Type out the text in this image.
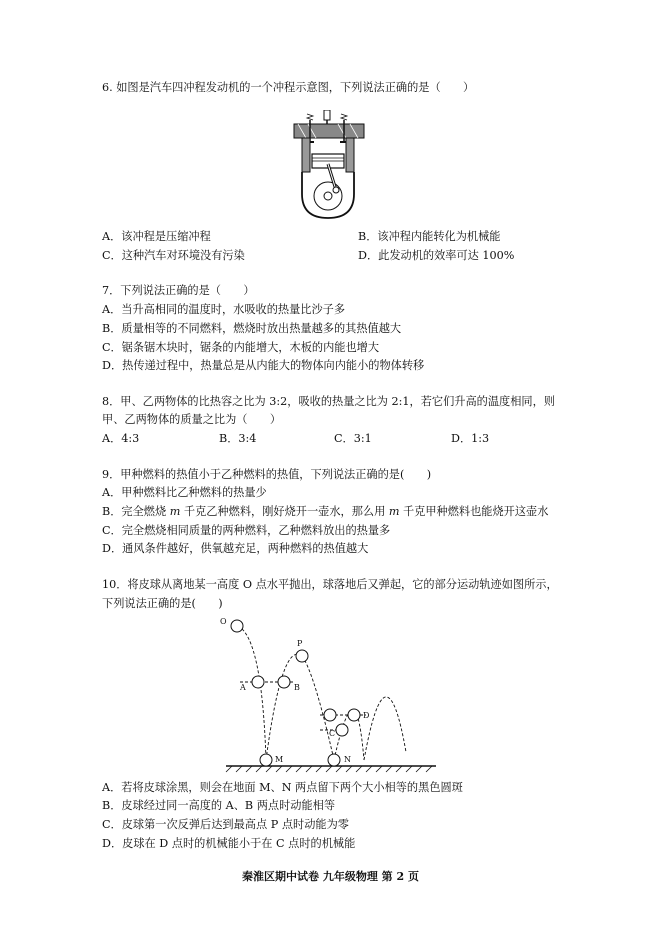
6. 如图是汽车四冲程发动机的一个冲程示意图，下列说法正确的是（　　）
A．该冲程是压缩冲程	B．该冲程内能转化为机械能
C．这种汽车对环境没有污染	D．此发动机的效率可达 100%
7．下列说法正确的是（　　）
A．当升高相同的温度时，水吸收的热量比沙子多
B．质量相等的不同燃料，燃烧时放出热量越多的其热值越大
C．锯条锯木块时，锯条的内能增大，木板的内能也增大
D．热传递过程中，热量总是从内能大的物体向内能小的物体转移
8．甲、乙两物体的比热容之比为 3:2，吸收的热量之比为 2:1，若它们升高的温度相同，则
甲、乙两物体的质量之比为（　　）
A．4:3	B．3:4	C．3:1	D．1:3
9．甲种燃料的热值小于乙种燃料的热值，下列说法正确的是(　　)
A．甲种燃料比乙种燃料的热量少
B．完全燃烧 m 千克乙种燃料，刚好烧开一壶水，那么用 m 千克甲种燃料也能烧开这壶水
C．完全燃烧相同质量的两种燃料，乙种燃料放出的热量多
D．通风条件越好，供氧越充足，两种燃料的热值越大
10．将皮球从离地某一高度 O 点水平抛出，球落地后又弹起，它的部分运动轨迹如图所示，
下列说法正确的是(　　)
O
P
A	B
D
C
M	N
A．若将皮球涂黑，则会在地面 M、N 两点留下两个大小相等的黑色圆斑
B．皮球经过同一高度的 A、B 两点时动能相等
C．皮球第一次反弹后达到最高点 P 点时动能为零
D．皮球在 D 点时的机械能小于在 C 点时的机械能
秦淮区期中试卷 九年级物理 第 2 页
